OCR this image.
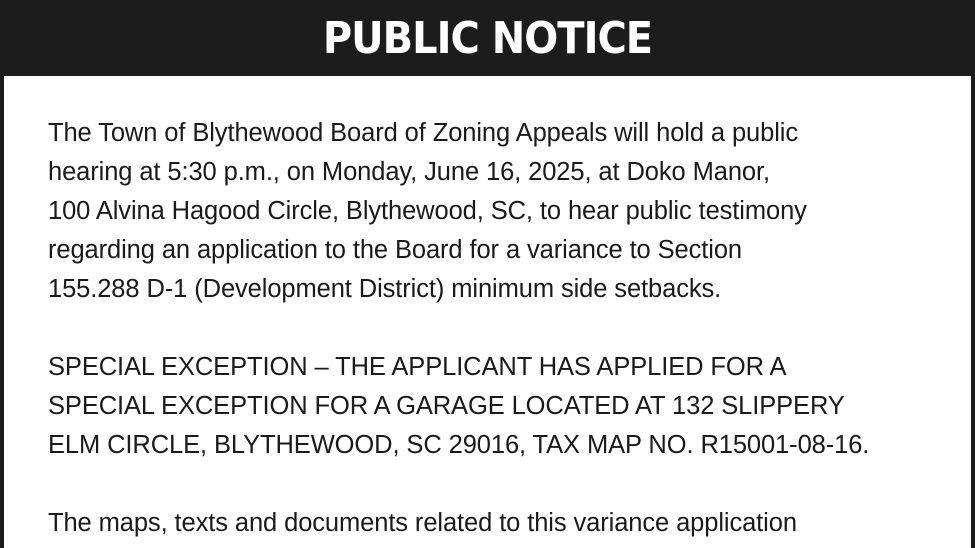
PUBLIC NOTICE

The Town of Blythewood Board of Zoning Appeals will hold a public
hearing at 5:30 p.m., on Monday, June 16, 2025, at Doko Manor,
100 Alvina Hagood Circle, Blythewood, SC, to hear public testimony
regarding an application to the Board for a variance to Section
155.288 D-1 (Development District) minimum side setbacks.

SPECIAL EXCEPTION – THE APPLICANT HAS APPLIED FOR A
SPECIAL EXCEPTION FOR A GARAGE LOCATED AT 132 SLIPPERY
ELM CIRCLE, BLYTHEWOOD, SC 29016, TAX MAP NO. R15001-08-16.

The maps, texts and documents related to this variance application
